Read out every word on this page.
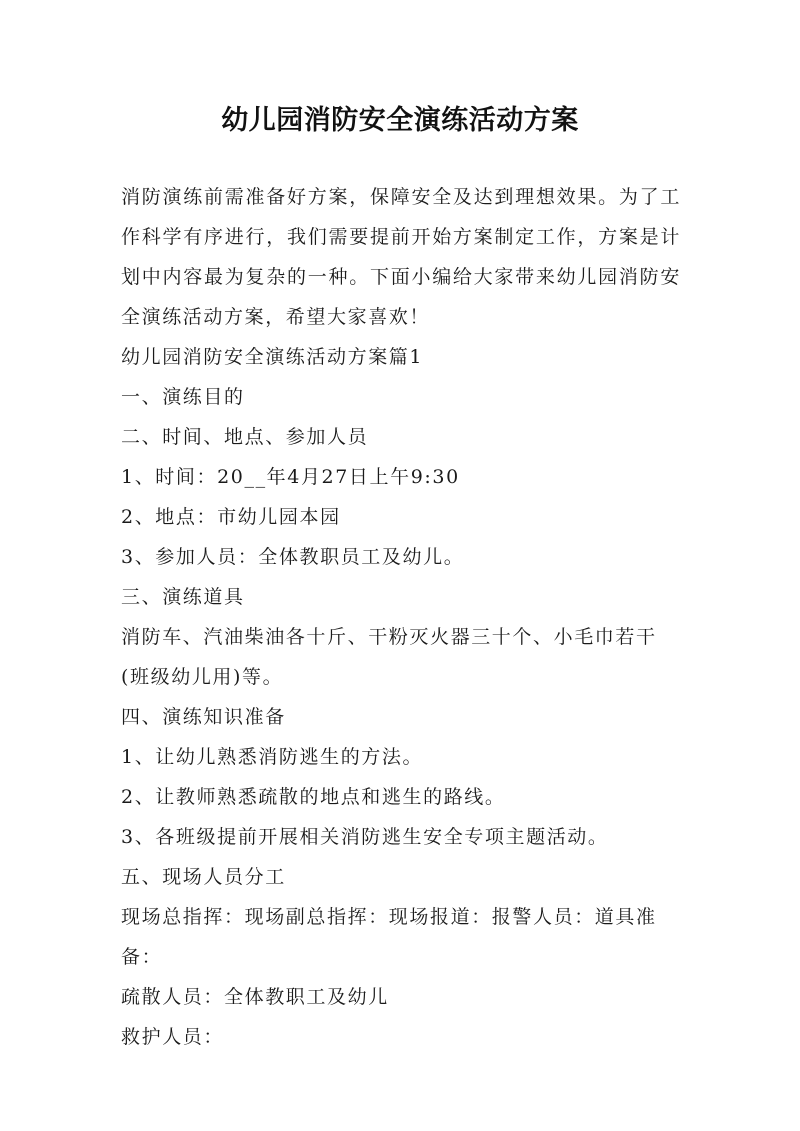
幼儿园消防安全演练活动方案

消防演练前需准备好方案，保障安全及达到理想效果。为了工作科学有序进行，我们需要提前开始方案制定工作，方案是计划中内容最为复杂的一种。下面小编给大家带来幼儿园消防安全演练活动方案，希望大家喜欢！

幼儿园消防安全演练活动方案篇1

一、演练目的

二、时间、地点、参加人员

1、时间：20__年4月27日上午9:30

2、地点：市幼儿园本园

3、参加人员：全体教职员工及幼儿。

三、演练道具

消防车、汽油柴油各十斤、干粉灭火器三十个、小毛巾若干(班级幼儿用)等。

四、演练知识准备

1、让幼儿熟悉消防逃生的方法。

2、让教师熟悉疏散的地点和逃生的路线。

3、各班级提前开展相关消防逃生安全专项主题活动。

五、现场人员分工

现场总指挥：现场副总指挥：现场报道：报警人员：道具准备：

疏散人员：全体教职工及幼儿

救护人员：
